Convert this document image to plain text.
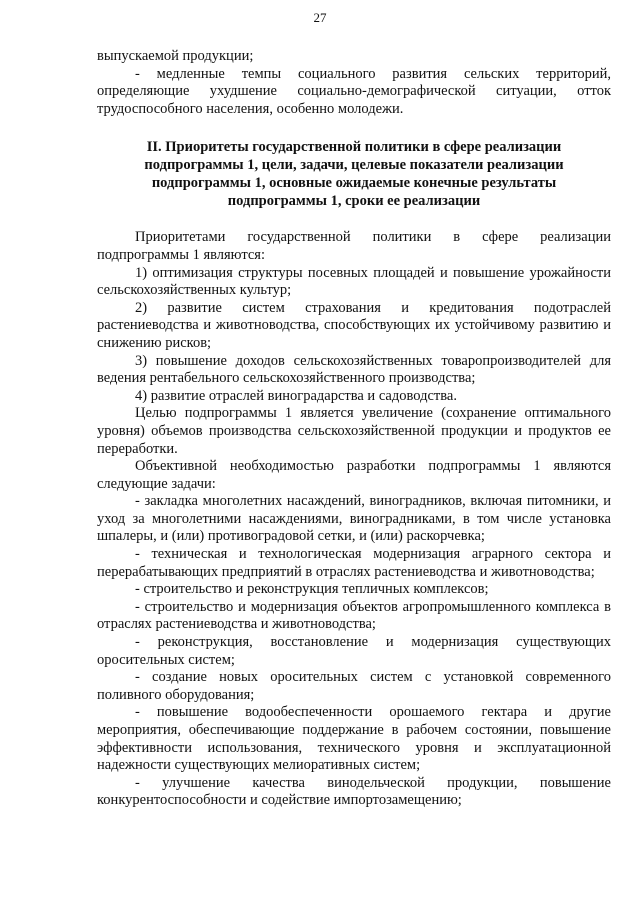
27

выпускаемой продукции;

- медленные темпы социального развития сельских территорий, определяющие ухудшение социально-демографической ситуации, отток трудоспособного населения, особенно молодежи.

II. Приоритеты государственной политики в сфере реализации подпрограммы 1, цели, задачи, целевые показатели реализации подпрограммы 1, основные ожидаемые конечные результаты подпрограммы 1, сроки ее реализации

Приоритетами государственной политики в сфере реализации подпрограммы 1 являются:

1) оптимизация структуры посевных площадей и повышение урожайности сельскохозяйственных культур;

2) развитие систем страхования и кредитования подотраслей растениеводства и животноводства, способствующих их устойчивому развитию и снижению рисков;

3) повышение доходов сельскохозяйственных товаропроизводителей для ведения рентабельного сельскохозяйственного производства;

4) развитие отраслей виноградарства и садоводства.

Целью подпрограммы 1 является увеличение (сохранение оптимального уровня) объемов производства сельскохозяйственной продукции и продуктов ее переработки.

Объективной необходимостью разработки подпрограммы 1 являются следующие задачи:

- закладка многолетних насаждений, виноградников, включая питомники, и уход за многолетними насаждениями, виноградниками, в том числе установка шпалеры, и (или) противоградовой сетки, и (или) раскорчевка;

- техническая и технологическая модернизация аграрного сектора и перерабатывающих предприятий в отраслях растениеводства и животноводства;

- строительство и реконструкция тепличных комплексов;

- строительство и модернизация объектов агропромышленного комплекса в отраслях растениеводства и животноводства;

- реконструкция, восстановление и модернизация существующих оросительных систем;

- создание новых оросительных систем с установкой современного поливного оборудования;

- повышение водообеспеченности орошаемого гектара и другие мероприятия, обеспечивающие поддержание в рабочем состоянии, повышение эффективности использования, технического уровня и эксплуатационной надежности существующих мелиоративных систем;

- улучшение качества винодельческой продукции, повышение конкурентоспособности и содействие импортозамещению;
